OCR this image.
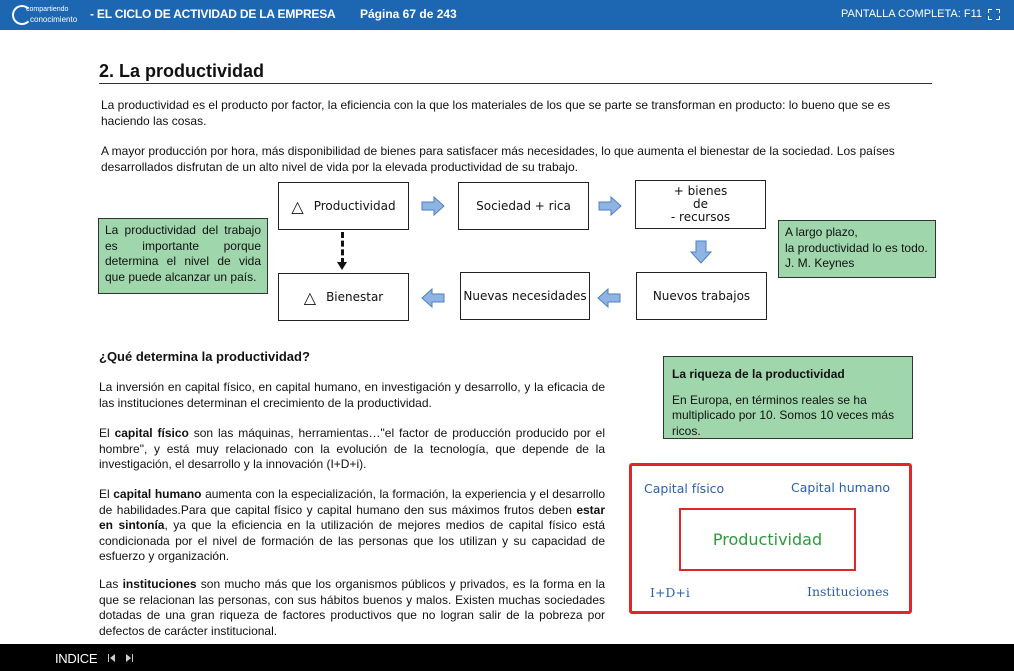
compartiendo
conocimiento - EL CICLO DE ACTIVIDAD DE LA EMPRESA Página 67 de 243	PANTALLA COMPLETA: F11
2. La productividad

La productividad es el producto por factor, la eficiencia con la que los materiales de los que se parte se transforman en producto: lo bueno que se es haciendo las cosas.

A mayor producción por hora, más disponibilidad de bienes para satisfacer más necesidades, lo que aumenta el bienestar de la sociedad. Los países desarrollados disfrutan de un alto nivel de vida por la elevada productividad de su trabajo.

△ Productividad	Sociedad + rica
+ bienes
de
- recursos
Nuevos trabajos
Nuevas necesidades
△ Bienestar
La productividad del trabajo es importante porque determina el nivel de vida que puede alcanzar un país.
A largo plazo,
la productividad lo es todo.
J. M. Keynes
¿Qué determina la productividad?

La inversión en capital físico, en capital humano, en investigación y desarrollo, y la eficacia de las instituciones determinan el crecimiento de la productividad.

El capital físico son las máquinas, herramientas…"el factor de producción producido por el hombre", y está muy relacionado con la evolución de la tecnología, que depende de la investigación, el desarrollo y la innovación (I+D+i).

El capital humano aumenta con la especialización, la formación, la experiencia y el desarrollo de habilidades.Para que capital físico y capital humano den sus máximos frutos deben estar en sintonía, ya que la eficiencia en la utilización de mejores medios de capital físico está condicionada por el nivel de formación de las personas que los utilizan y su capacidad de esfuerzo y organización.

Las instituciones son mucho más que los organismos públicos y privados, es la forma en la que se relacionan las personas, con sus hábitos buenos y malos. Existen muchas sociedades dotadas de una gran riqueza de factores productivos que no logran salir de la pobreza por defectos de carácter institucional.

La riqueza de la productividad
En Europa, en términos reales se ha multiplicado por 10. Somos 10 veces más ricos.
Capital físico	Capital humano
Productividad
I+D+i	Instituciones
INDICE
